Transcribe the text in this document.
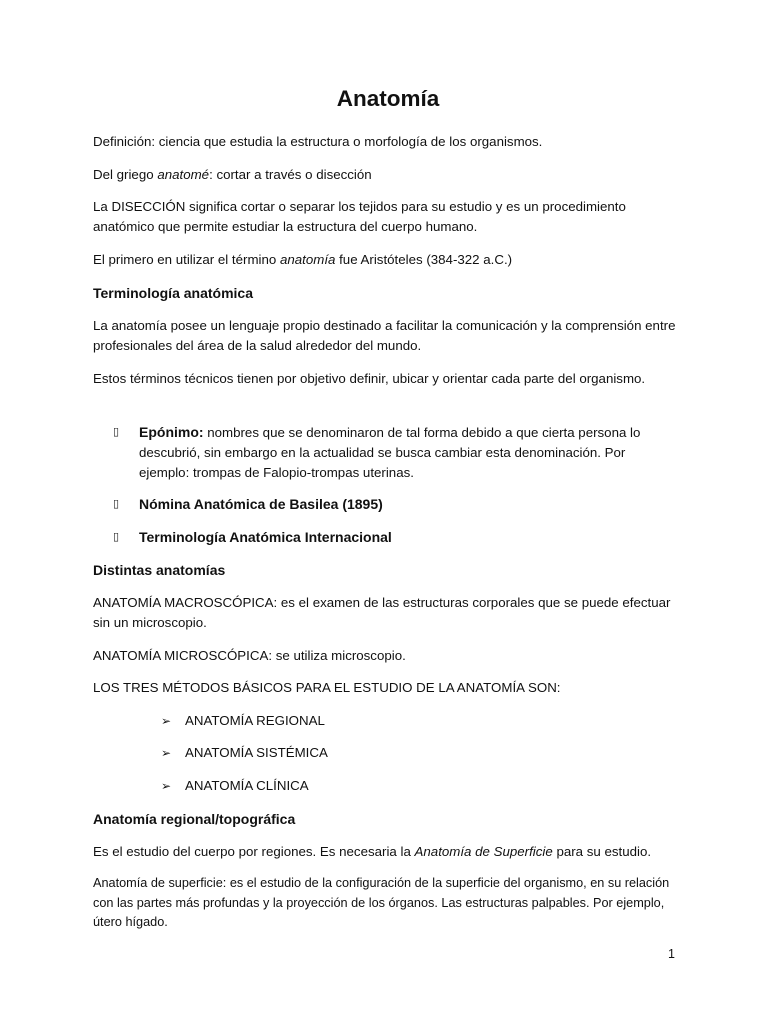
Anatomía

Definición: ciencia que estudia la estructura o morfología de los organismos.

Del griego anatomé: cortar a través o disección

La DISECCIÓN significa cortar o separar los tejidos para su estudio y es un procedimiento anatómico que permite estudiar la estructura del cuerpo humano.

El primero en utilizar el término anatomía fue Aristóteles (384-322 a.C.)

Terminología anatómica

La anatomía posee un lenguaje propio destinado a facilitar la comunicación y la comprensión entre profesionales del área de la salud alrededor del mundo.

Estos términos técnicos tienen por objetivo definir, ubicar y orientar cada parte del organismo.

▯ Epónimo: nombres que se denominaron de tal forma debido a que cierta persona lo descubrió, sin embargo en la actualidad se busca cambiar esta denominación. Por ejemplo: trompas de Falopio-trompas uterinas.
▯ Nómina Anatómica de Basilea (1895)
▯ Terminología Anatómica Internacional
Distintas anatomías

ANATOMÍA MACROSCÓPICA: es el examen de las estructuras corporales que se puede efectuar sin un microscopio.

ANATOMÍA MICROSCÓPICA: se utiliza microscopio.

LOS TRES MÉTODOS BÁSICOS PARA EL ESTUDIO DE LA ANATOMÍA SON:

➢ ANATOMÍA REGIONAL
➢ ANATOMÍA SISTÉMICA
➢ ANATOMÍA CLÍNICA
Anatomía regional/topográfica

Es el estudio del cuerpo por regiones. Es necesaria la Anatomía de Superficie para su estudio.

Anatomía de superficie: es el estudio de la configuración de la superficie del organismo, en su relación con las partes más profundas y la proyección de los órganos. Las estructuras palpables. Por ejemplo, útero hígado.

1
